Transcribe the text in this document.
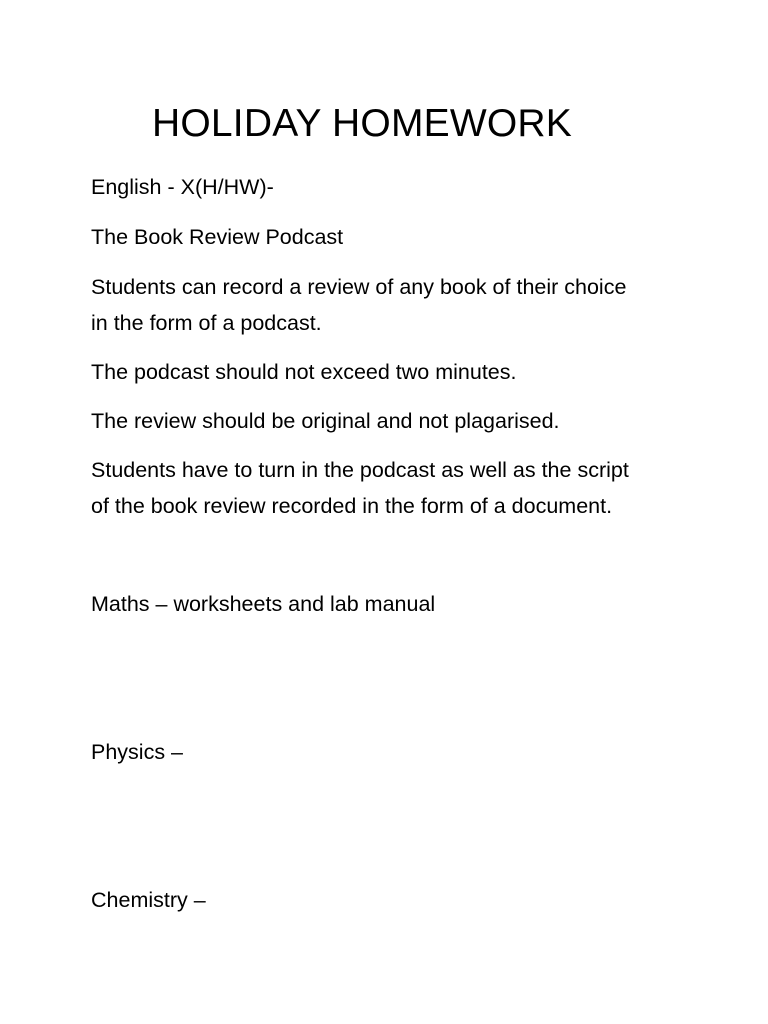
HOLIDAY HOMEWORK
English - X(H/HW)-
The Book Review Podcast
Students can record a review of any book of their choice
in the form of a podcast.
The podcast should not exceed two minutes.
The review should be original and not plagarised.
Students have to turn in the podcast as well as the script
of the book review recorded in the form of a document.
Maths – worksheets and lab manual
Physics –
Chemistry –
